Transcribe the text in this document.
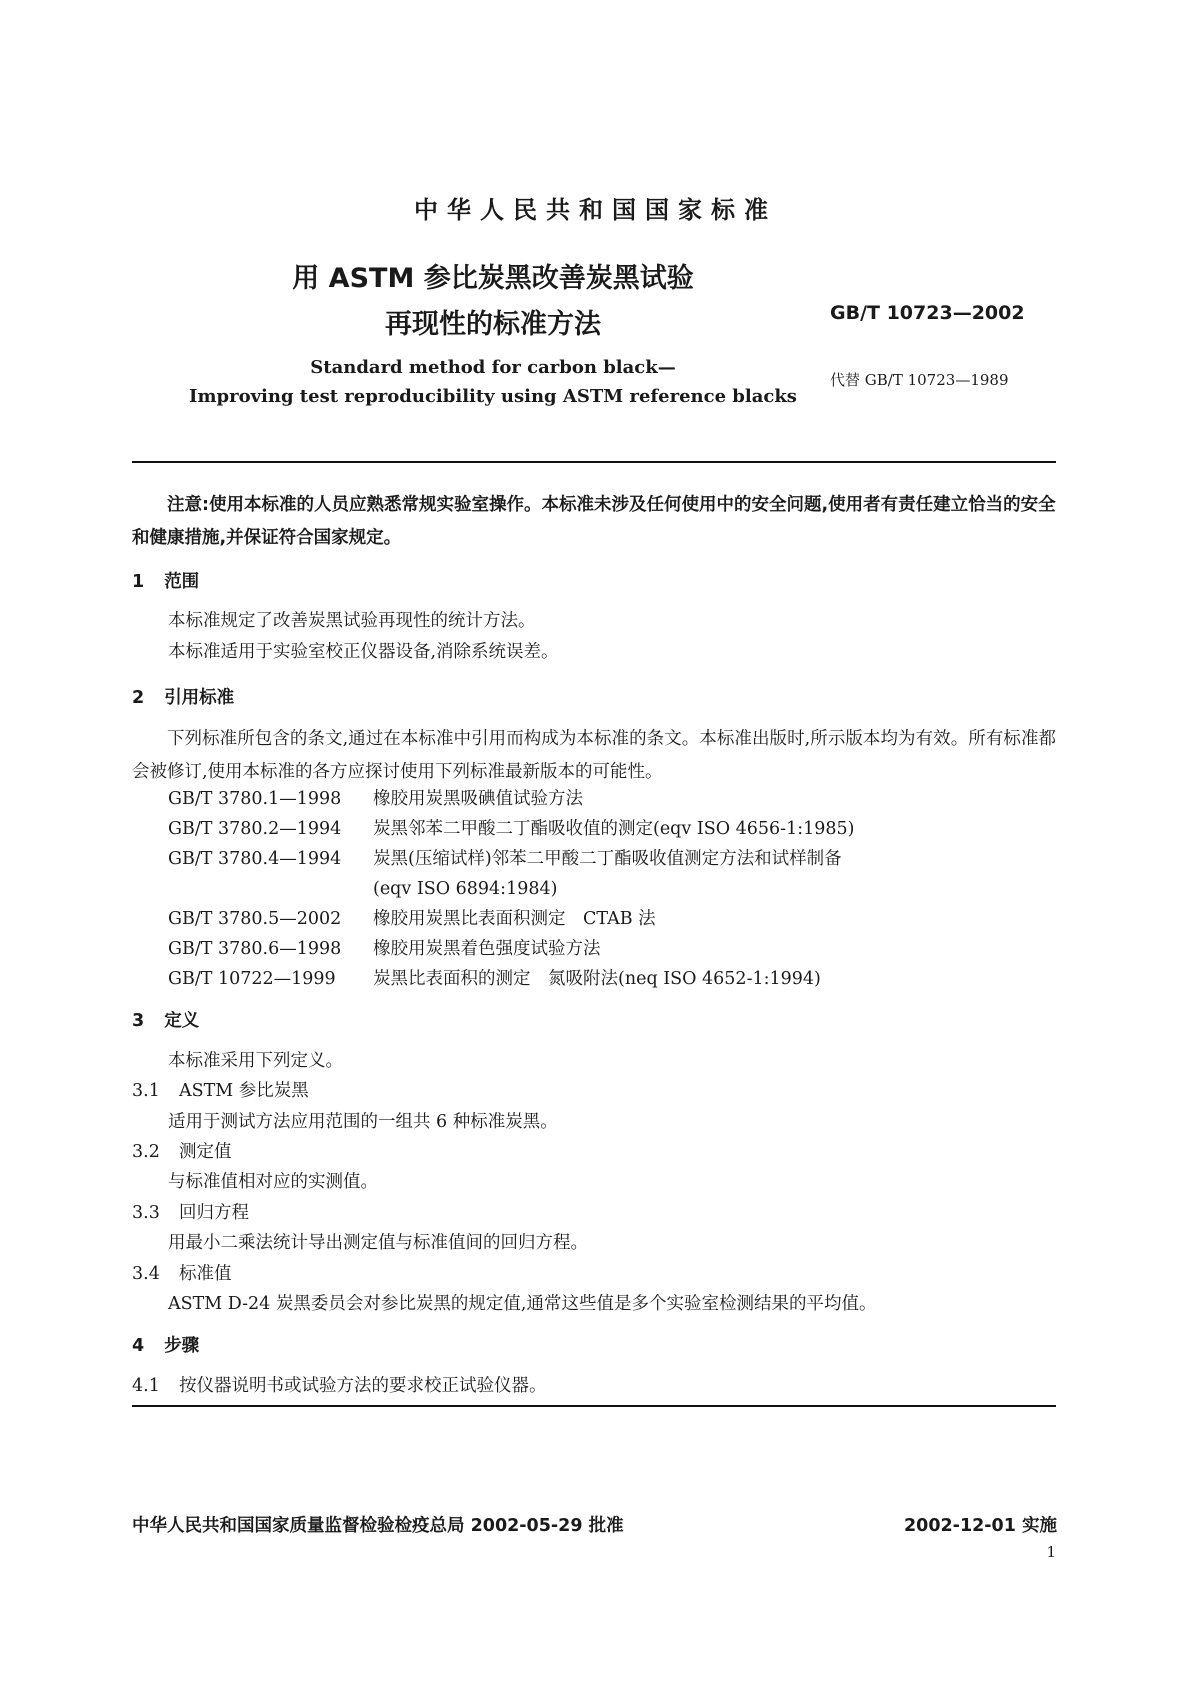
中华人民共和国国家标准
用 ASTM 参比炭黑改善炭黑试验
再现性的标准方法	GB/T 10723—2002
代替 GB/T 10723—1989
Standard method for carbon black—
Improving test reproducibility using ASTM reference blacks
注意:使用本标准的人员应熟悉常规实验室操作。本标准未涉及任何使用中的安全问题,使用者有责任建立恰当的安全和健康措施,并保证符合国家规定。
1 范围
本标准规定了改善炭黑试验再现性的统计方法。
本标准适用于实验室校正仪器设备,消除系统误差。
2 引用标准
下列标准所包含的条文,通过在本标准中引用而构成为本标准的条文。本标准出版时,所示版本均为有效。所有标准都会被修订,使用本标准的各方应探讨使用下列标准最新版本的可能性。
GB/T 3780.1—1998 橡胶用炭黑吸碘值试验方法
GB/T 3780.2—1994 炭黑邻苯二甲酸二丁酯吸收值的测定(eqv ISO 4656-1:1985)
GB/T 3780.4—1994 炭黑(压缩试样)邻苯二甲酸二丁酯吸收值测定方法和试样制备
(eqv ISO 6894:1984)
GB/T 3780.5—2002 橡胶用炭黑比表面积测定　CTAB 法
GB/T 3780.6—1998 橡胶用炭黑着色强度试验方法
GB/T 10722—1999 炭黑比表面积的测定　氮吸附法(neq ISO 4652-1:1994)
3 定义
本标准采用下列定义。
3.1 ASTM 参比炭黑
适用于测试方法应用范围的一组共 6 种标准炭黑。
3.2 测定值
与标准值相对应的实测值。
3.3 回归方程
用最小二乘法统计导出测定值与标准值间的回归方程。
3.4 标准值
ASTM D-24 炭黑委员会对参比炭黑的规定值,通常这些值是多个实验室检测结果的平均值。
4 步骤
4.1 按仪器说明书或试验方法的要求校正试验仪器。
中华人民共和国国家质量监督检验检疫总局 2002-05-29 批准	2002-12-01 实施
1
